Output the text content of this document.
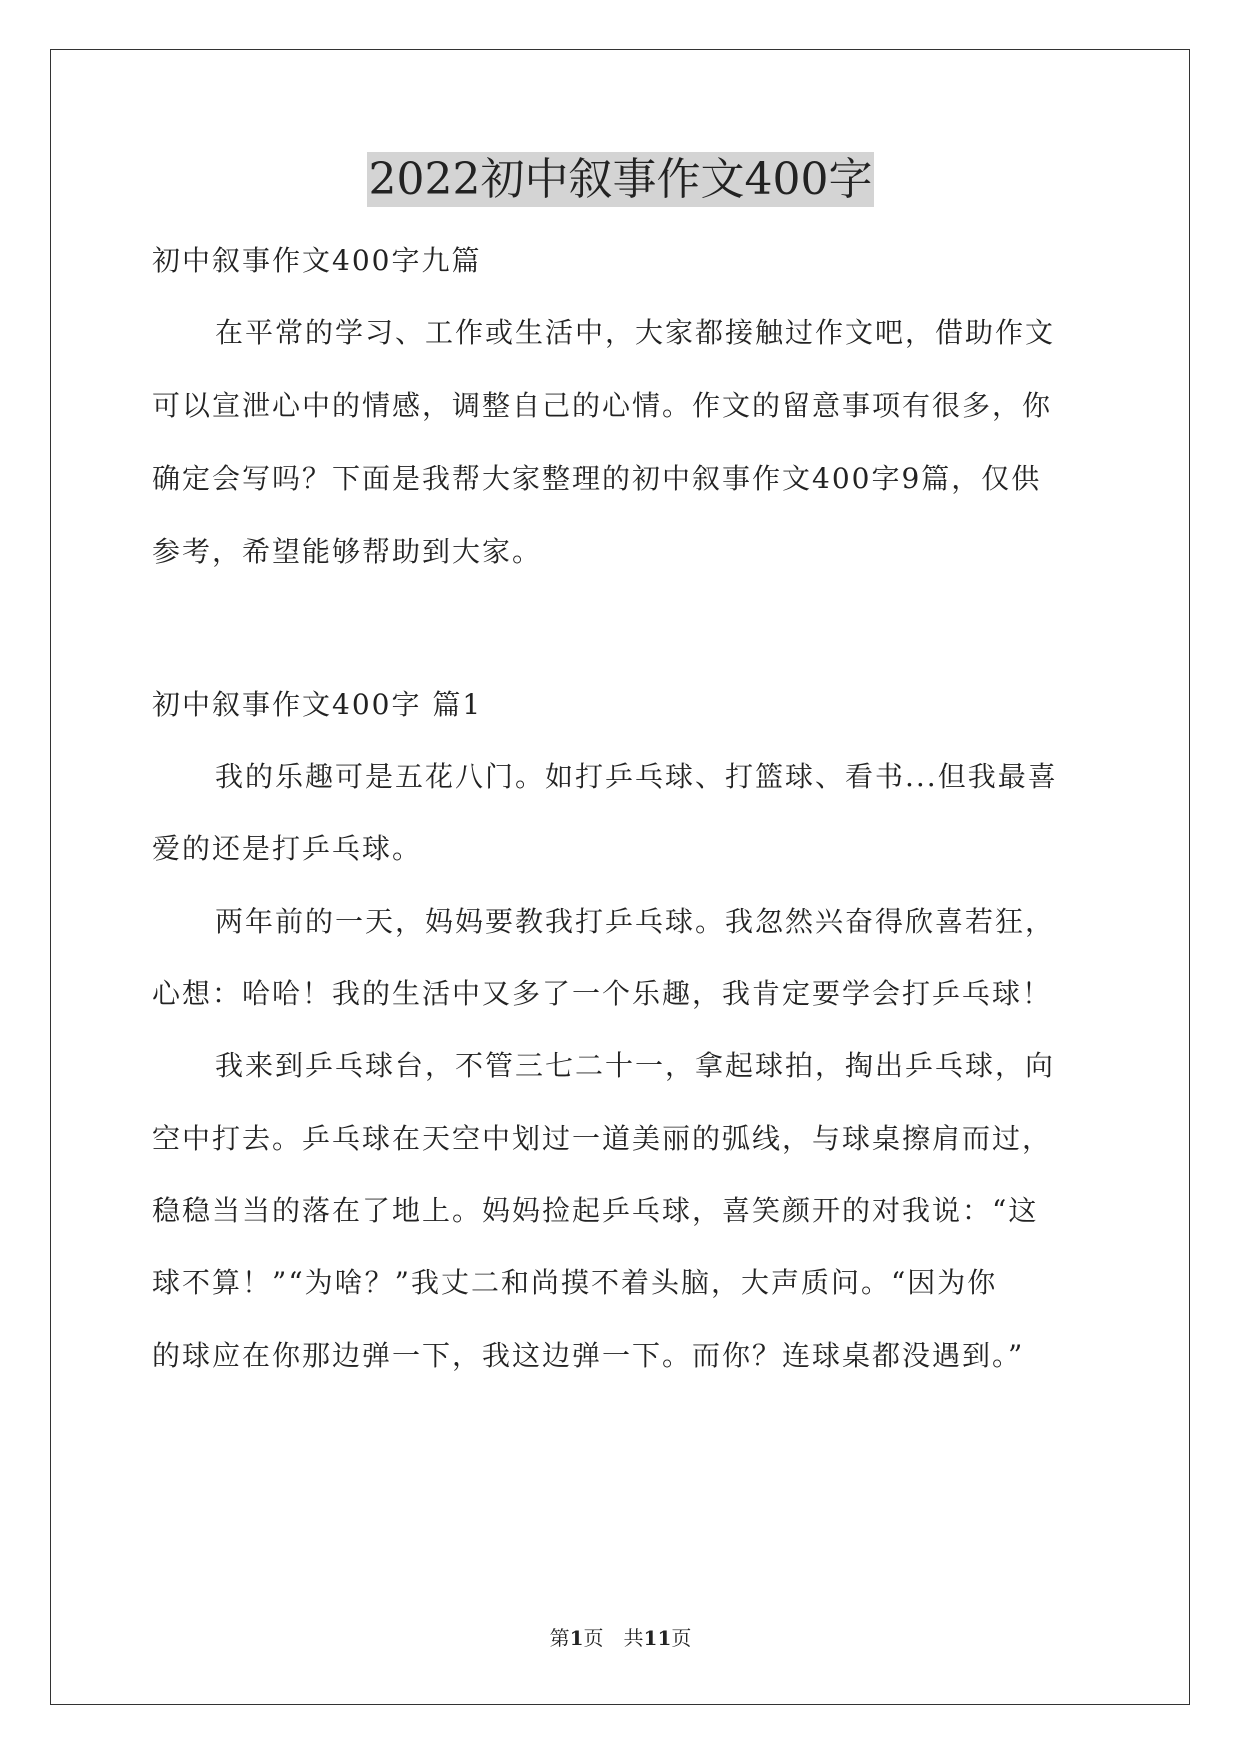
2022初中叙事作文400字
初中叙事作文400字九篇
在平常的学习、工作或生活中，大家都接触过作文吧，借助作文
可以宣泄心中的情感，调整自己的心情。作文的留意事项有很多，你
确定会写吗？下面是我帮大家整理的初中叙事作文400字9篇，仅供
参考，希望能够帮助到大家。
初中叙事作文400字 篇1
我的乐趣可是五花八门。如打乒乓球、打篮球、看书...但我最喜
爱的还是打乒乓球。
两年前的一天，妈妈要教我打乒乓球。我忽然兴奋得欣喜若狂，
心想：哈哈！我的生活中又多了一个乐趣，我肯定要学会打乒乓球！
我来到乒乓球台，不管三七二十一，拿起球拍，掏出乒乓球，向
空中打去。乒乓球在天空中划过一道美丽的弧线，与球桌擦肩而过，
稳稳当当的落在了地上。妈妈捡起乒乓球，喜笑颜开的对我说：“这
球不算！”“为啥？”我丈二和尚摸不着头脑，大声质问。“因为你
的球应在你那边弹一下，我这边弹一下。而你？连球桌都没遇到。”
第1页　共11页
